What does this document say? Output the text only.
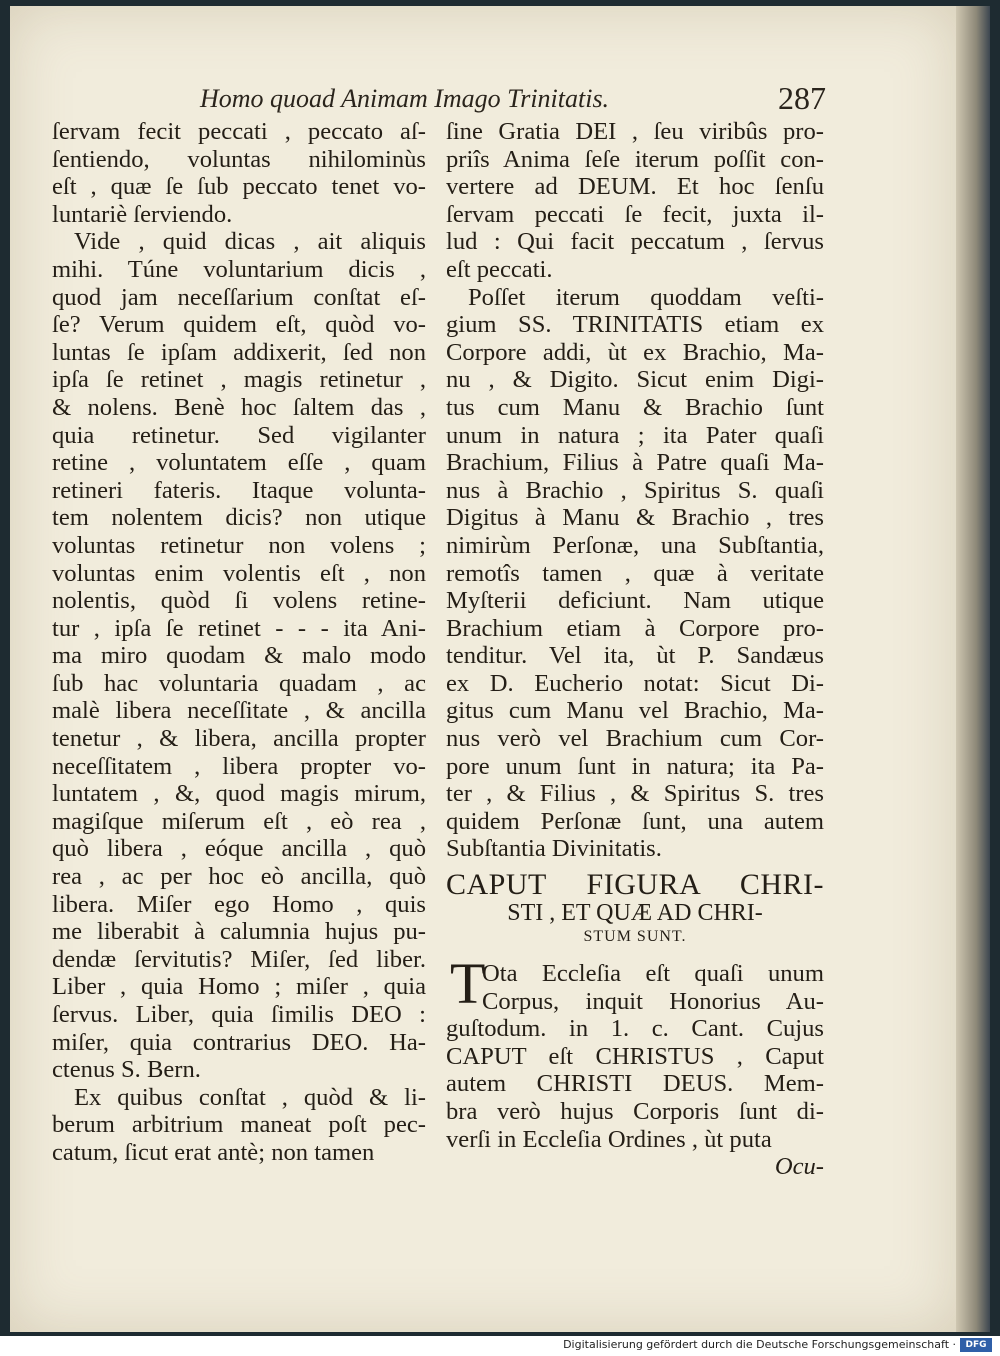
Homo quoad Animam Imago Trinitatis.	287
ſervam fecit peccati , peccato aſ-
ſentiendo, voluntas nihilominùs
eſt , quæ ſe ſub peccato tenet vo-
luntariè ſerviendo.
Vide , quid dicas , ait aliquis
mihi. Túne voluntarium dicis ,
quod jam neceſſarium conſtat eſ-
ſe? Verum quidem eſt, quòd vo-
luntas ſe ipſam addixerit, ſed non
ipſa ſe retinet , magis retinetur ,
& nolens. Benè hoc ſaltem das ,
quia retinetur. Sed vigilanter
retine , voluntatem eſſe , quam
retineri fateris. Itaque volunta-
tem nolentem dicis? non utique
voluntas retinetur non volens ;
voluntas enim volentis eſt , non
nolentis, quòd ſi volens retine-
tur , ipſa ſe retinet - - - ita Ani-
ma miro quodam & malo modo
ſub hac voluntaria quadam , ac
malè libera neceſſitate , & ancilla
tenetur , & libera, ancilla propter
neceſſitatem , libera propter vo-
luntatem , &, quod magis mirum,
magiſque miſerum eſt , eò rea ,
quò libera , eóque ancilla , quò
rea , ac per hoc eò ancilla, quò
libera. Miſer ego Homo , quis
me liberabit à calumnia hujus pu-
dendæ ſervitutis? Miſer, ſed liber.
Liber , quia Homo ; miſer , quia
ſervus. Liber, quia ſimilis DEO :
miſer, quia contrarius DEO. Ha-
ctenus S. Bern.
Ex quibus conſtat , quòd & li-
berum arbitrium maneat poſt pec-
catum, ſicut erat antè; non tamen
ſine Gratia DEI , ſeu viribûs pro-
priîs Anima ſeſe iterum poſſit con-
vertere ad DEUM. Et hoc ſenſu
ſervam peccati ſe fecit, juxta il-
lud : Qui facit peccatum , ſervus
eſt peccati.
Poſſet iterum quoddam veſti-
gium SS. TRINITATIS etiam ex
Corpore addi, ùt ex Brachio, Ma-
nu , & Digito. Sicut enim Digi-
tus cum Manu & Brachio ſunt
unum in natura ; ita Pater quaſi
Brachium, Filius à Patre quaſi Ma-
nus à Brachio , Spiritus S. quaſi
Digitus à Manu & Brachio , tres
nimirùm Perſonæ, una Subſtantia,
remotîs tamen , quæ à veritate
Myſterii deficiunt. Nam utique
Brachium etiam à Corpore pro-
tenditur. Vel ita, ùt P. Sandæus
ex D. Eucherio notat: Sicut Di-
gitus cum Manu vel Brachio, Ma-
nus verò vel Brachium cum Cor-
pore unum ſunt in natura; ita Pa-
ter , & Filius , & Spiritus S. tres
quidem Perſonæ ſunt, una autem
Subſtantia Divinitatis.
CAPUT FIGURA CHRI-
STI , ET QUÆ AD CHRI-
STUM SUNT.
T
Ota Eccleſia eſt quaſi unum
Corpus, inquit Honorius Au-
guſtodum. in 1. c. Cant. Cujus
CAPUT eſt CHRISTUS , Caput
autem CHRISTI DEUS. Mem-
bra verò hujus Corporis ſunt di-
verſi in Eccleſia Ordines , ùt puta
Ocu-
Digitalisierung gefördert durch die Deutsche Forschungsgemeinschaft ·	DFG
